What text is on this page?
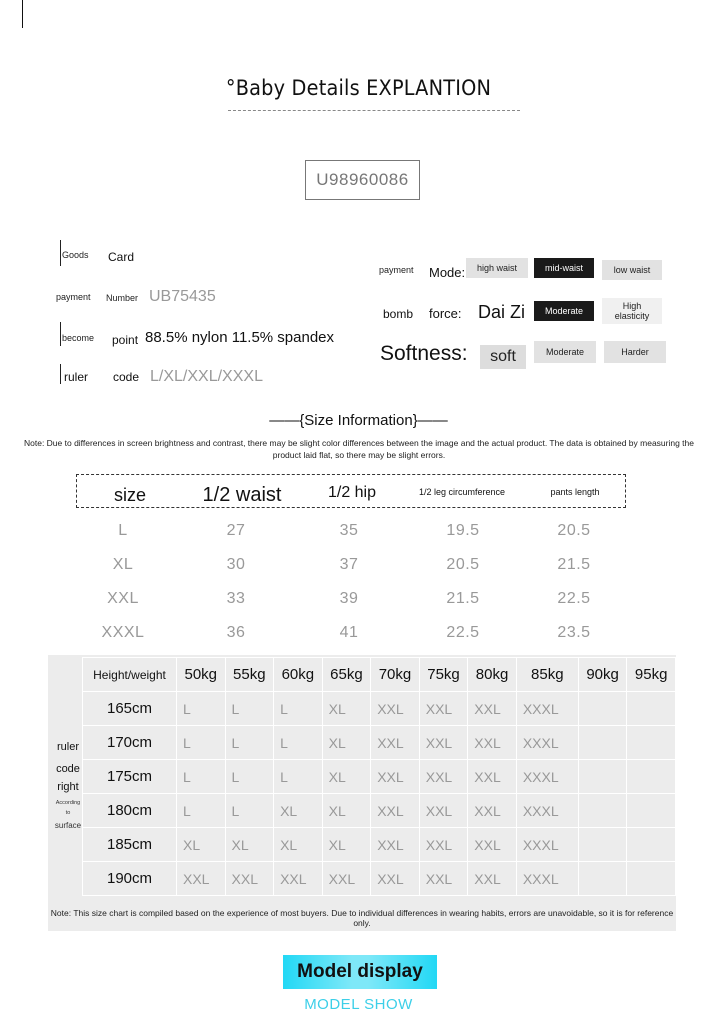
°Baby Details EXPLANTION
U98960086
Goods Card
payment Number UB75435
become point 88.5% nylon 11.5% spandex
ruler code L/XL/XXL/XXXL
payment Mode:	high waist	mid-waist	low waist
bomb force: Dai Zi	Moderate	High elasticity
Softness:	soft	Moderate	Harder
——{Size Information}——
Note: Due to differences in screen brightness and contrast, there may be slight color differences between the image and the actual product. The data is obtained by measuring the product laid flat, so there may be slight errors.
size	1/2 waist	1/2 hip	1/2 leg circumference	pants length
L	27	35	19.5	20.5
XL	30	37	20.5	21.5
XXL	33	39	21.5	22.5
XXXL	36	41	22.5	23.5
ruler
code
right
According
to
surface
Height/weight	50kg	55kg	60kg	65kg	70kg	75kg	80kg	85kg	90kg	95kg
165cm	L	L	L	XL	XXL	XXL	XXL	XXXL		
170cm	L	L	L	XL	XXL	XXL	XXL	XXXL		
175cm	L	L	L	XL	XXL	XXL	XXL	XXXL		
180cm	L	L	XL	XL	XXL	XXL	XXL	XXXL		
185cm	XL	XL	XL	XL	XXL	XXL	XXL	XXXL		
190cm	XXL	XXL	XXL	XXL	XXL	XXL	XXL	XXXL		
Note: This size chart is compiled based on the experience of most buyers. Due to individual differences in wearing habits, errors are unavoidable, so it is for reference only.
Model display
MODEL SHOW
